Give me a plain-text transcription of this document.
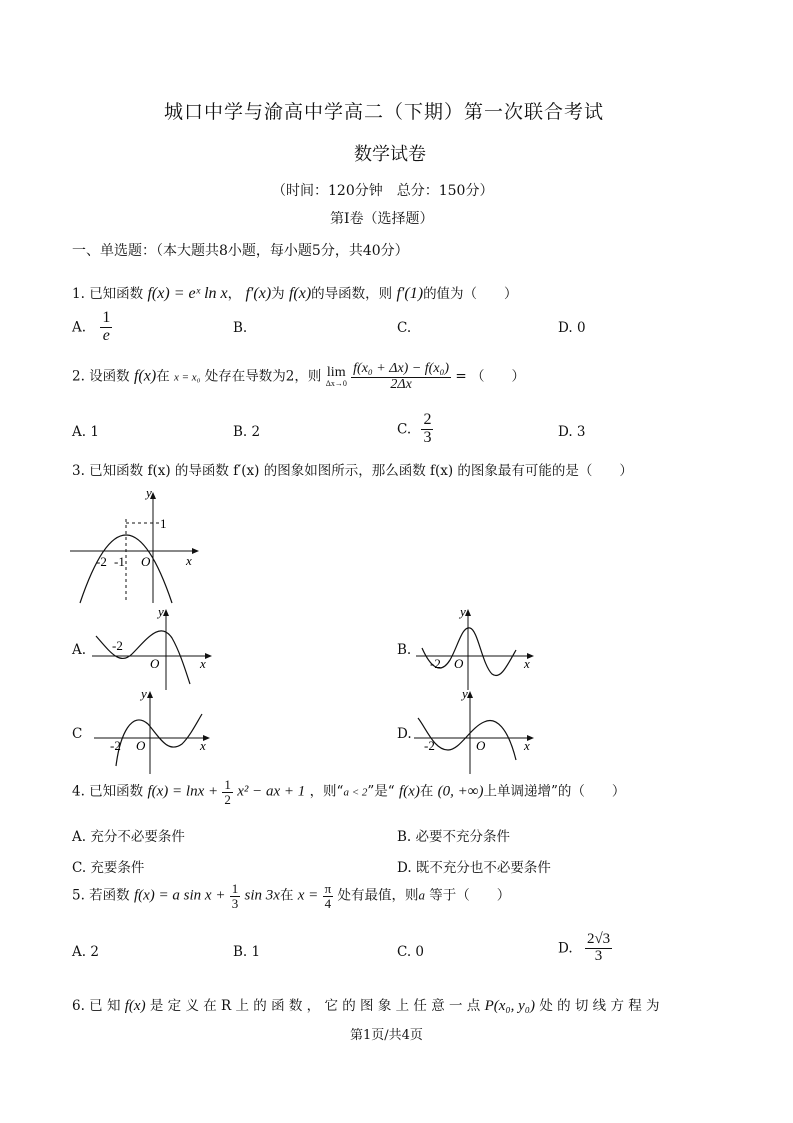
城口中学与渝高中学高二（下期）第一次联合考试
数学试卷
（时间：120分钟　总分：150分）
第Ⅰ卷（选择题）
一、单选题：（本大题共8小题，每小题5分，共40分）
1. 已知函数 f(x) = eˣ ln x， f′(x)为 f(x)的导函数，则 f′(1)的值为（　　）
A. $\frac{1}{e}$	B.	C.	D. 0
2. 设函数 f(x)在 x = x₀ 处存在导数为2，则 lim
Δx→0
$\frac{\text{f(x₀ + Δx) − f(x₀)}}{2\Delta x}$ = （　　）
A. 1	B. 2	C. $\frac{2}{3}$	D. 3
3. 已知函数 f(x) 的导函数 f′(x) 的图象如图所示，那么函数 f(x) 的图象最有可能的是（　　）
1
y
x
O
-2 -1
A.
y
x
O
-2	B.
y
x
O
-2
C
y
x
O
-2
D.
y
x
O
-2
4. 已知函数 $f(x) = \ln x + \frac{1}{2} x^2$ − ax + 1 ，则“a < 2”是“ f(x)在 (0, +∞)上单调递增”的（　　）
A. 充分不必要条件	B. 必要不充分条件
C. 充要条件	D. 既不充分也不必要条件
5. 若函数 f(x) = a $\sin x + \frac{1}{3}$ sin 3x在 $x = \frac{\pi}{4}$ 处有最值，则a 等于（　　）
A. 2	B. 1	C. 0	D. $\frac{2√3}{3}$
6. 已 知 f(x) 是 定 义 在 R 上 的 函 数 ， 它 的 图 象 上 任 意 一 点 P(x₀, y₀) 处 的 切 线 方 程 为
第1页/共4页
